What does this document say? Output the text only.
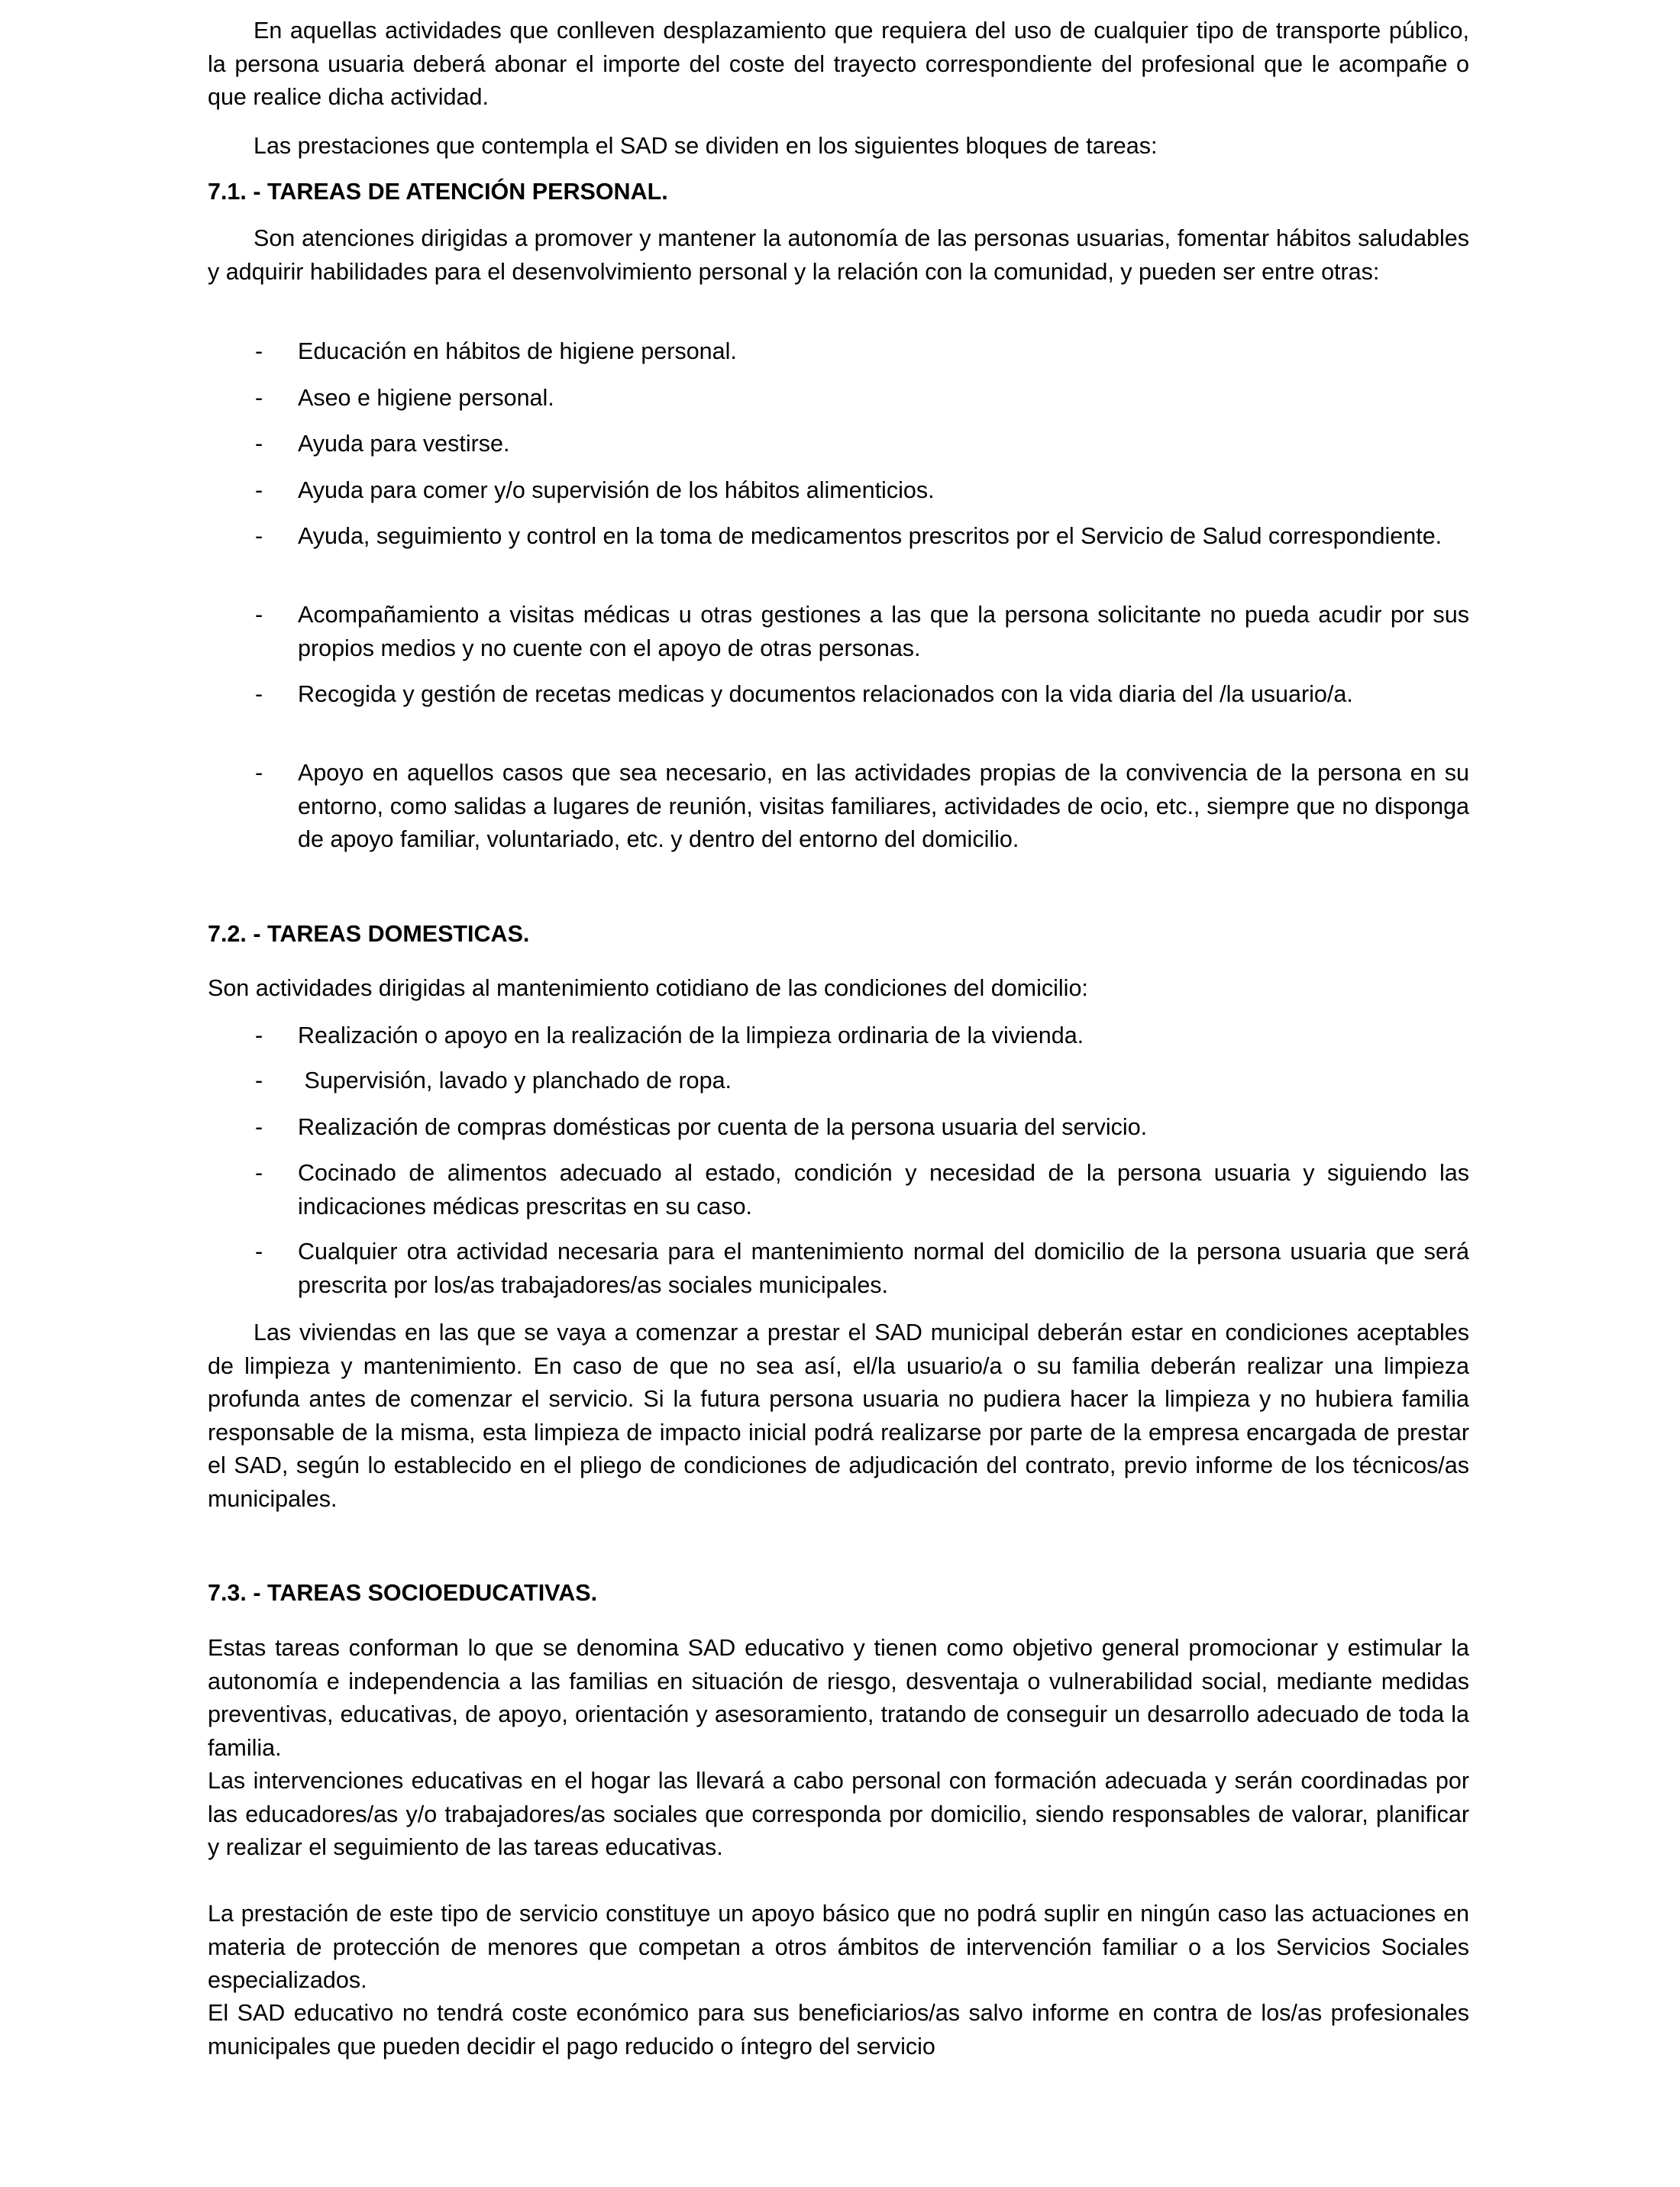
En aquellas actividades que conlleven desplazamiento que requiera del uso de cualquier tipo de transporte público, la persona usuaria deberá abonar el importe del coste del trayecto correspondiente del profesional que le acompañe o que realice dicha actividad.

Las prestaciones que contempla el SAD se dividen en los siguientes bloques de tareas:

7.1. - TAREAS DE ATENCIÓN PERSONAL.

Son atenciones dirigidas a promover y mantener la autonomía de las personas usuarias, fomentar hábitos saludables y adquirir habilidades para el desenvolvimiento personal y la relación con la comunidad, y pueden ser entre otras:

- Educación en hábitos de higiene personal.
- Aseo e higiene personal.
- Ayuda para vestirse.
- Ayuda para comer y/o supervisión de los hábitos alimenticios.
- Ayuda, seguimiento y control en la toma de medicamentos prescritos por el Servicio de Salud correspondiente.
- Acompañamiento a visitas médicas u otras gestiones a las que la persona solicitante no pueda acudir por sus propios medios y no cuente con el apoyo de otras personas.
- Recogida y gestión de recetas medicas y documentos relacionados con la vida diaria del /la usuario/a.
- Apoyo en aquellos casos que sea necesario, en las actividades propias de la convivencia de la persona en su entorno, como salidas a lugares de reunión, visitas familiares, actividades de ocio, etc., siempre que no disponga de apoyo familiar, voluntariado, etc. y dentro del entorno del domicilio.
7.2. - TAREAS DOMESTICAS.

Son actividades dirigidas al mantenimiento cotidiano de las condiciones del domicilio:

- Realización o apoyo en la realización de la limpieza ordinaria de la vivienda.
- Supervisión, lavado y planchado de ropa.
- Realización de compras domésticas por cuenta de la persona usuaria del servicio.
- Cocinado de alimentos adecuado al estado, condición y necesidad de la persona usuaria y siguiendo las indicaciones médicas prescritas en su caso.
- Cualquier otra actividad necesaria para el mantenimiento normal del domicilio de la persona usuaria que será prescrita por los/as trabajadores/as sociales municipales.

Las viviendas en las que se vaya a comenzar a prestar el SAD municipal deberán estar en condiciones aceptables de limpieza y mantenimiento. En caso de que no sea así, el/la usuario/a o su familia deberán realizar una limpieza profunda antes de comenzar el servicio. Si la futura persona usuaria no pudiera hacer la limpieza y no hubiera familia responsable de la misma, esta limpieza de impacto inicial podrá realizarse por parte de la empresa encargada de prestar el SAD, según lo establecido en el pliego de condiciones de adjudicación del contrato, previo informe de los técnicos/as municipales.

7.3. - TAREAS SOCIOEDUCATIVAS.

Estas tareas conforman lo que se denomina SAD educativo y tienen como objetivo general promocionar y estimular la autonomía e independencia a las familias en situación de riesgo, desventaja o vulnerabilidad social, mediante medidas preventivas, educativas, de apoyo, orientación y asesoramiento, tratando de conseguir un desarrollo adecuado de toda la familia.

Las intervenciones educativas en el hogar las llevará a cabo personal con formación adecuada y serán coordinadas por las educadores/as y/o trabajadores/as sociales que corresponda por domicilio, siendo responsables de valorar, planificar y realizar el seguimiento de las tareas educativas.

La prestación de este tipo de servicio constituye un apoyo básico que no podrá suplir en ningún caso las actuaciones en materia de protección de menores que competan a otros ámbitos de intervención familiar o a los Servicios Sociales especializados.

El SAD educativo no tendrá coste económico para sus beneficiarios/as salvo informe en contra de los/as profesionales municipales que pueden decidir el pago reducido o íntegro del servicio
